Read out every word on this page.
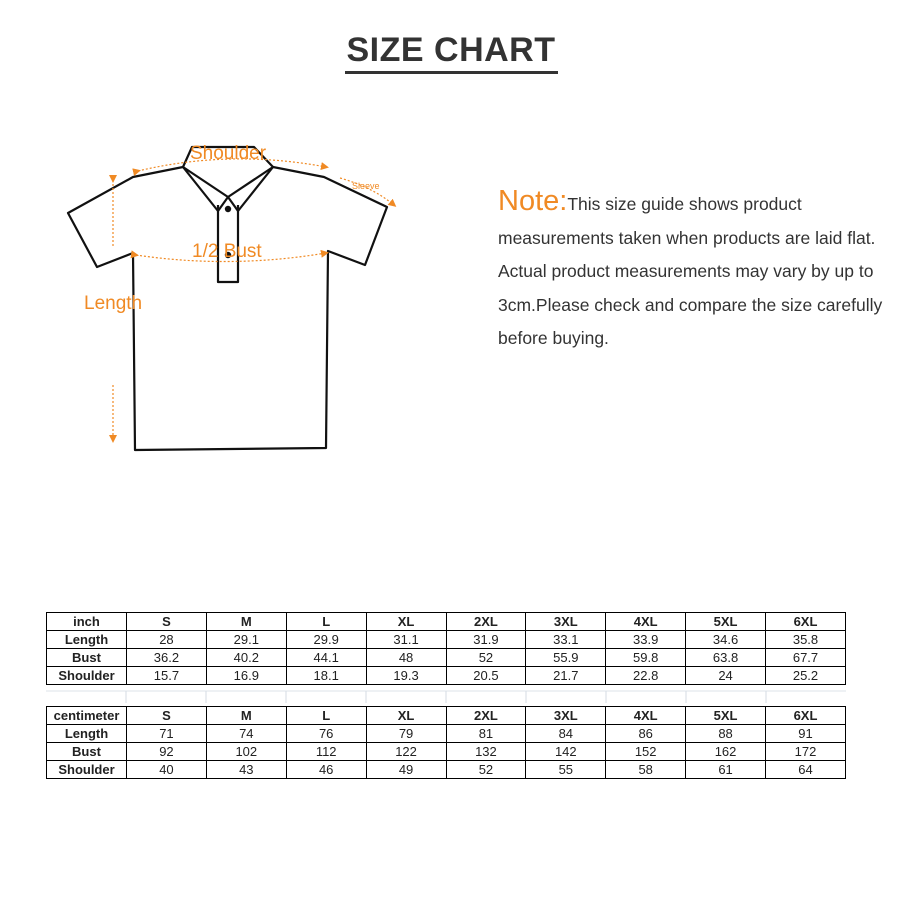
SIZE CHART
Shoulder
Sleeve
1/2 Bust
Length
Note:This size guide shows product measurements taken when products are laid flat. Actual product measurements may vary by up to 3cm.Please check and compare the size carefully before buying.
inch	S	M	L	XL	2XL	3XL	4XL	5XL	6XL
Length	28	29.1	29.9	31.1	31.9	33.1	33.9	34.6	35.8
Bust	36.2	40.2	44.1	48	52	55.9	59.8	63.8	67.7
Shoulder	15.7	16.9	18.1	19.3	20.5	21.7	22.8	24	25.2
centimeter	S	M	L	XL	2XL	3XL	4XL	5XL	6XL
Length	71	74	76	79	81	84	86	88	91
Bust	92	102	112	122	132	142	152	162	172
Shoulder	40	43	46	49	52	55	58	61	64
